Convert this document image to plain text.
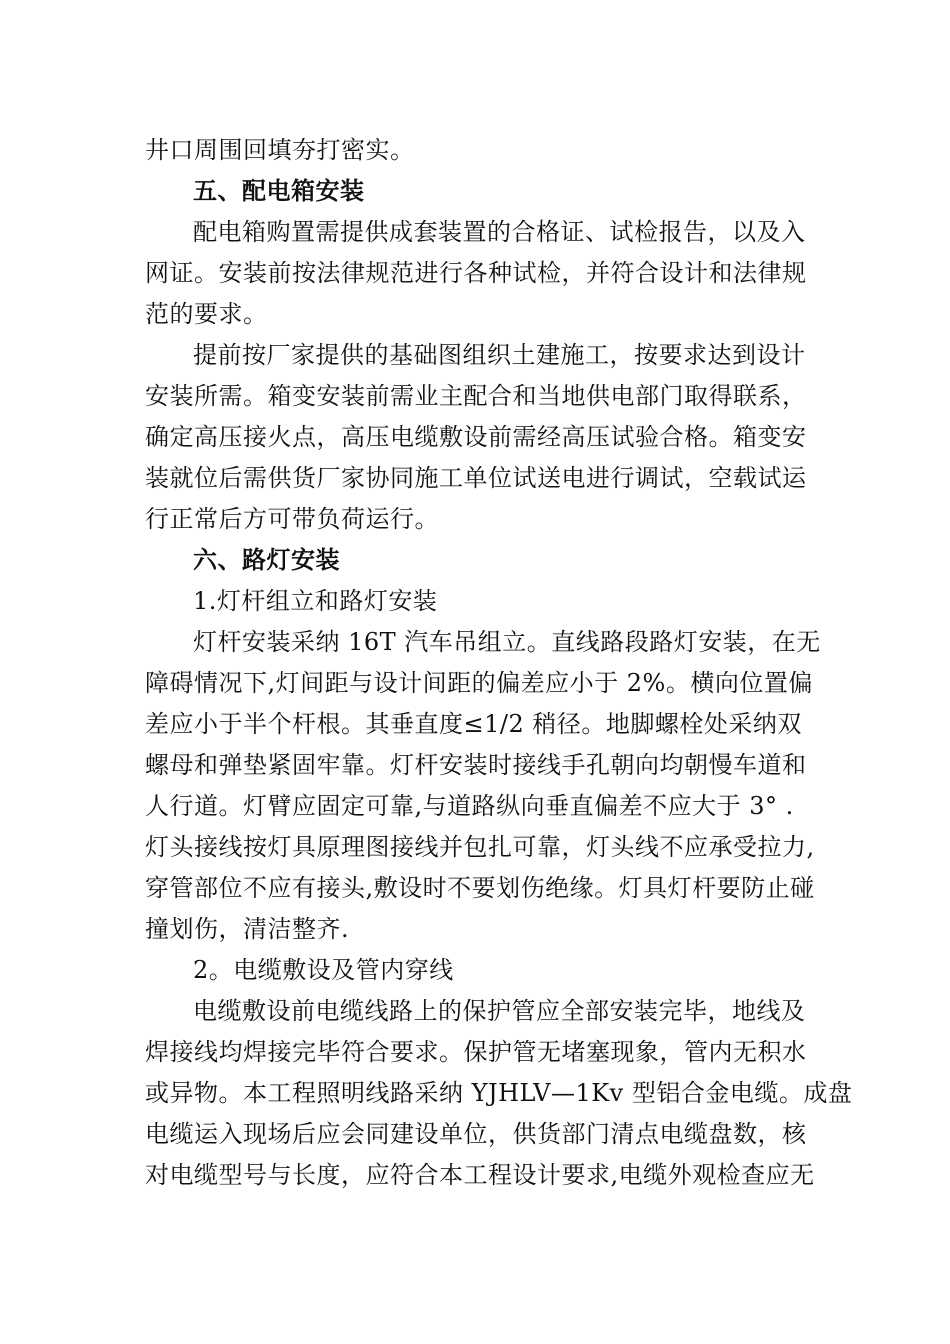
井口周围回填夯打密实。
五、配电箱安装
配电箱购置需提供成套装置的合格证、试检报告，以及入
网证。安装前按法律规范进行各种试检，并符合设计和法律规
范的要求。
提前按厂家提供的基础图组织土建施工，按要求达到设计
安装所需。箱变安装前需业主配合和当地供电部门取得联系，
确定高压接火点，高压电缆敷设前需经高压试验合格。箱变安
装就位后需供货厂家协同施工单位试送电进行调试，空载试运
行正常后方可带负荷运行。
六、路灯安装
1.灯杆组立和路灯安装
灯杆安装采纳 16T 汽车吊组立。直线路段路灯安装，在无
障碍情况下,灯间距与设计间距的偏差应小于 2%。横向位置偏
差应小于半个杆根。其垂直度≤1/2 稍径。地脚螺栓处采纳双
螺母和弹垫紧固牢靠。灯杆安装时接线手孔朝向均朝慢车道和
人行道。灯臂应固定可靠,与道路纵向垂直偏差不应大于 3° .
灯头接线按灯具原理图接线并包扎可靠，灯头线不应承受拉力,
穿管部位不应有接头,敷设时不要划伤绝缘。灯具灯杆要防止碰
撞划伤，清洁整齐.
2。电缆敷设及管内穿线
电缆敷设前电缆线路上的保护管应全部安装完毕，地线及
焊接线均焊接完毕符合要求。保护管无堵塞现象，管内无积水
或异物。本工程照明线路采纳 YJHLV—1Kv 型铝合金电缆。成盘
电缆运入现场后应会同建设单位，供货部门清点电缆盘数，核
对电缆型号与长度，应符合本工程设计要求,电缆外观检查应无
